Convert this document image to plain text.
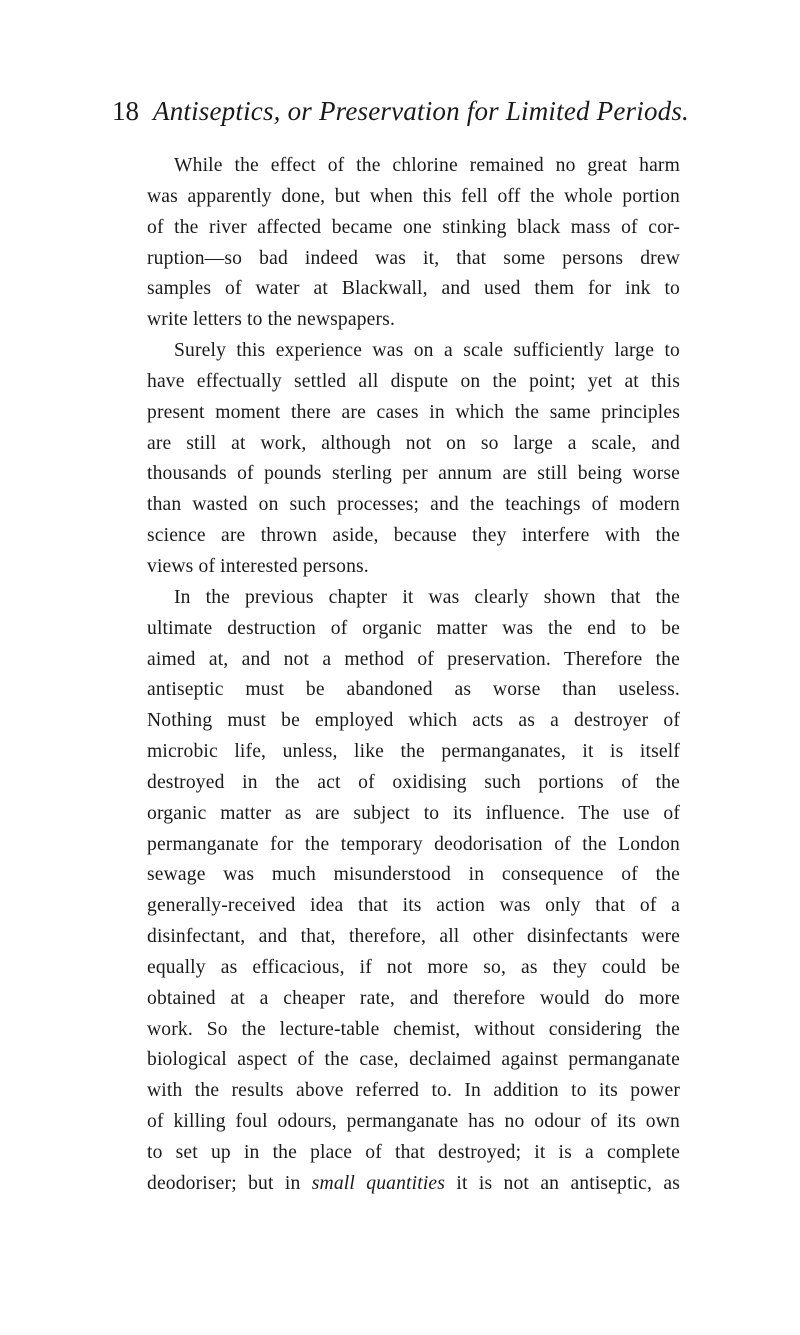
18 Antiseptics, or Preservation for Limited Periods.
While the effect of the chlorine remained no great harm
was apparently done, but when this fell off the whole portion
of the river affected became one stinking black mass of cor-
ruption—so bad indeed was it, that some persons drew
samples of water at Blackwall, and used them for ink to
write letters to the newspapers.
Surely this experience was on a scale sufficiently large to
have effectually settled all dispute on the point; yet at this
present moment there are cases in which the same principles
are still at work, although not on so large a scale, and
thousands of pounds sterling per annum are still being worse
than wasted on such processes; and the teachings of modern
science are thrown aside, because they interfere with the
views of interested persons.
In the previous chapter it was clearly shown that the
ultimate destruction of organic matter was the end to be
aimed at, and not a method of preservation. Therefore the
antiseptic must be abandoned as worse than useless.
Nothing must be employed which acts as a destroyer of
microbic life, unless, like the permanganates, it is itself
destroyed in the act of oxidising such portions of the
organic matter as are subject to its influence. The use of
permanganate for the temporary deodorisation of the London
sewage was much misunderstood in consequence of the
generally-received idea that its action was only that of a
disinfectant, and that, therefore, all other disinfectants were
equally as efficacious, if not more so, as they could be
obtained at a cheaper rate, and therefore would do more
work. So the lecture-table chemist, without considering the
biological aspect of the case, declaimed against permanganate
with the results above referred to. In addition to its power
of killing foul odours, permanganate has no odour of its own
to set up in the place of that destroyed; it is a complete
deodoriser; but in small quantities it is not an antiseptic, as
